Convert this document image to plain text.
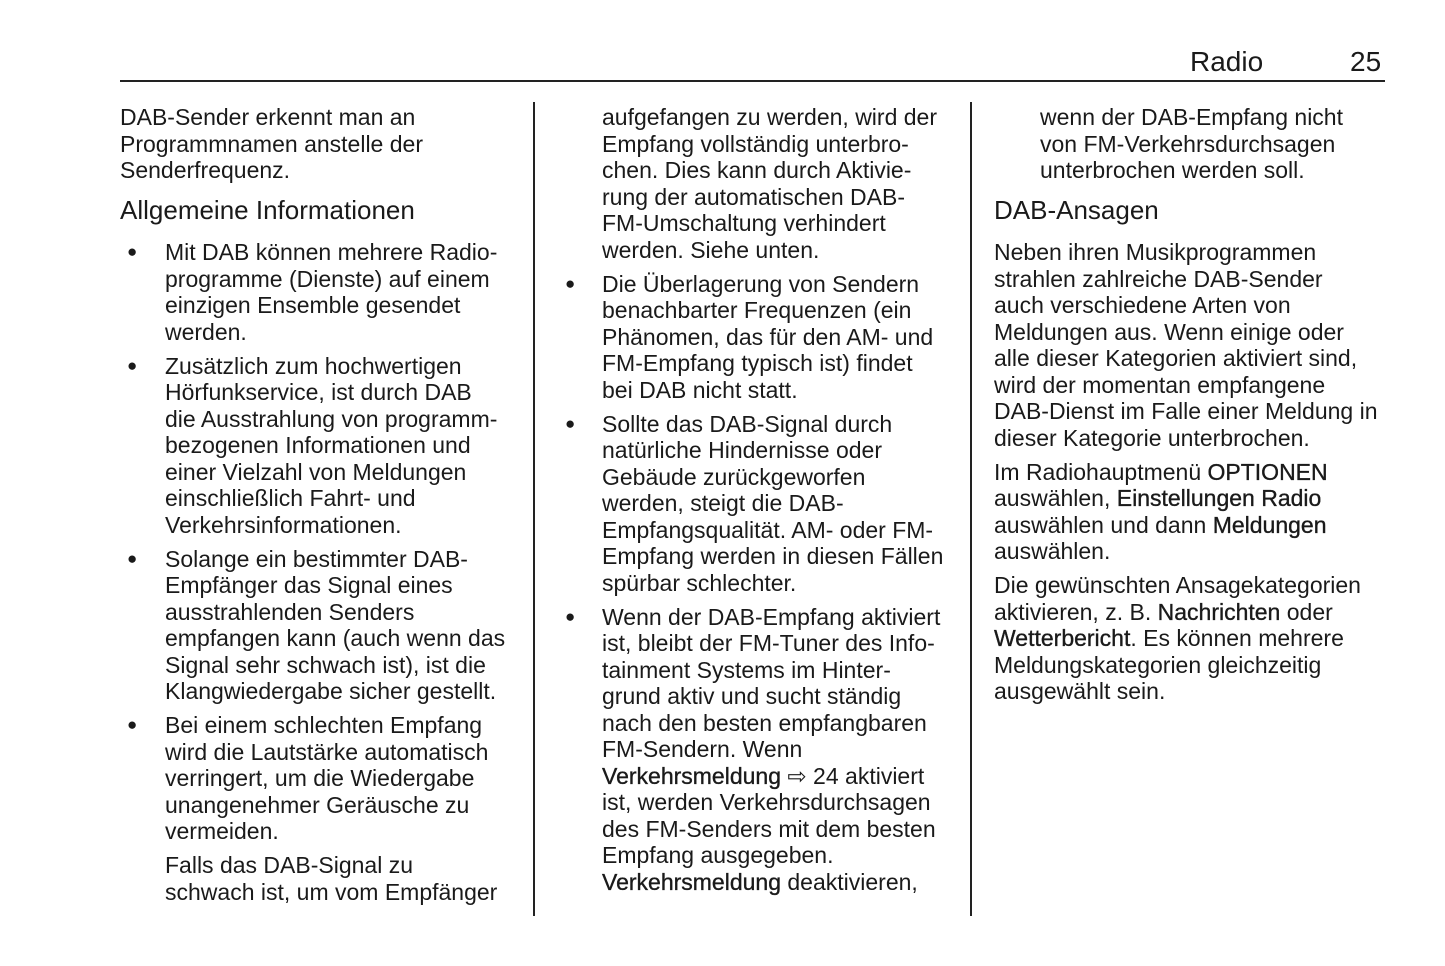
Radio	25
DAB-Sender erkennt man an
Programmnamen anstelle der
Senderfrequenz.
Allgemeine Informationen
● Mit DAB können mehrere Radio-
programme (Dienste) auf einem
einzigen Ensemble gesendet
werden.
● Zusätzlich zum hochwertigen
Hörfunkservice, ist durch DAB
die Ausstrahlung von programm-
bezogenen Informationen und
einer Vielzahl von Meldungen
einschließlich Fahrt- und
Verkehrsinformationen.
● Solange ein bestimmter DAB-
Empfänger das Signal eines
ausstrahlenden Senders
empfangen kann (auch wenn das
Signal sehr schwach ist), ist die
Klangwiedergabe sicher gestellt.
● Bei einem schlechten Empfang
wird die Lautstärke automatisch
verringert, um die Wiedergabe
unangenehmer Geräusche zu
vermeiden.
Falls das DAB-Signal zu
schwach ist, um vom Empfänger
aufgefangen zu werden, wird der
Empfang vollständig unterbro-
chen. Dies kann durch Aktivie-
rung der automatischen DAB-
FM-Umschaltung verhindert
werden. Siehe unten.
● Die Überlagerung von Sendern
benachbarter Frequenzen (ein
Phänomen, das für den AM- und
FM-Empfang typisch ist) findet
bei DAB nicht statt.
● Sollte das DAB-Signal durch
natürliche Hindernisse oder
Gebäude zurückgeworfen
werden, steigt die DAB-
Empfangsqualität. AM- oder FM-
Empfang werden in diesen Fällen
spürbar schlechter.
● Wenn der DAB-Empfang aktiviert
ist, bleibt der FM-Tuner des Info-
tainment Systems im Hinter-
grund aktiv und sucht ständig
nach den besten empfangbaren
FM-Sendern. Wenn
Verkehrsmeldung ⇨ 24 aktiviert
ist, werden Verkehrsdurchsagen
des FM-Senders mit dem besten
Empfang ausgegeben.
Verkehrsmeldung deaktivieren,
wenn der DAB-Empfang nicht
von FM-Verkehrsdurchsagen
unterbrochen werden soll.
DAB-Ansagen
Neben ihren Musikprogrammen
strahlen zahlreiche DAB-Sender
auch verschiedene Arten von
Meldungen aus. Wenn einige oder
alle dieser Kategorien aktiviert sind,
wird der momentan empfangene
DAB-Dienst im Falle einer Meldung in
dieser Kategorie unterbrochen.
Im Radiohauptmenü OPTIONEN
auswählen, Einstellungen Radio
auswählen und dann Meldungen
auswählen.
Die gewünschten Ansagekategorien
aktivieren, z. B. Nachrichten oder
Wetterbericht. Es können mehrere
Meldungskategorien gleichzeitig
ausgewählt sein.
